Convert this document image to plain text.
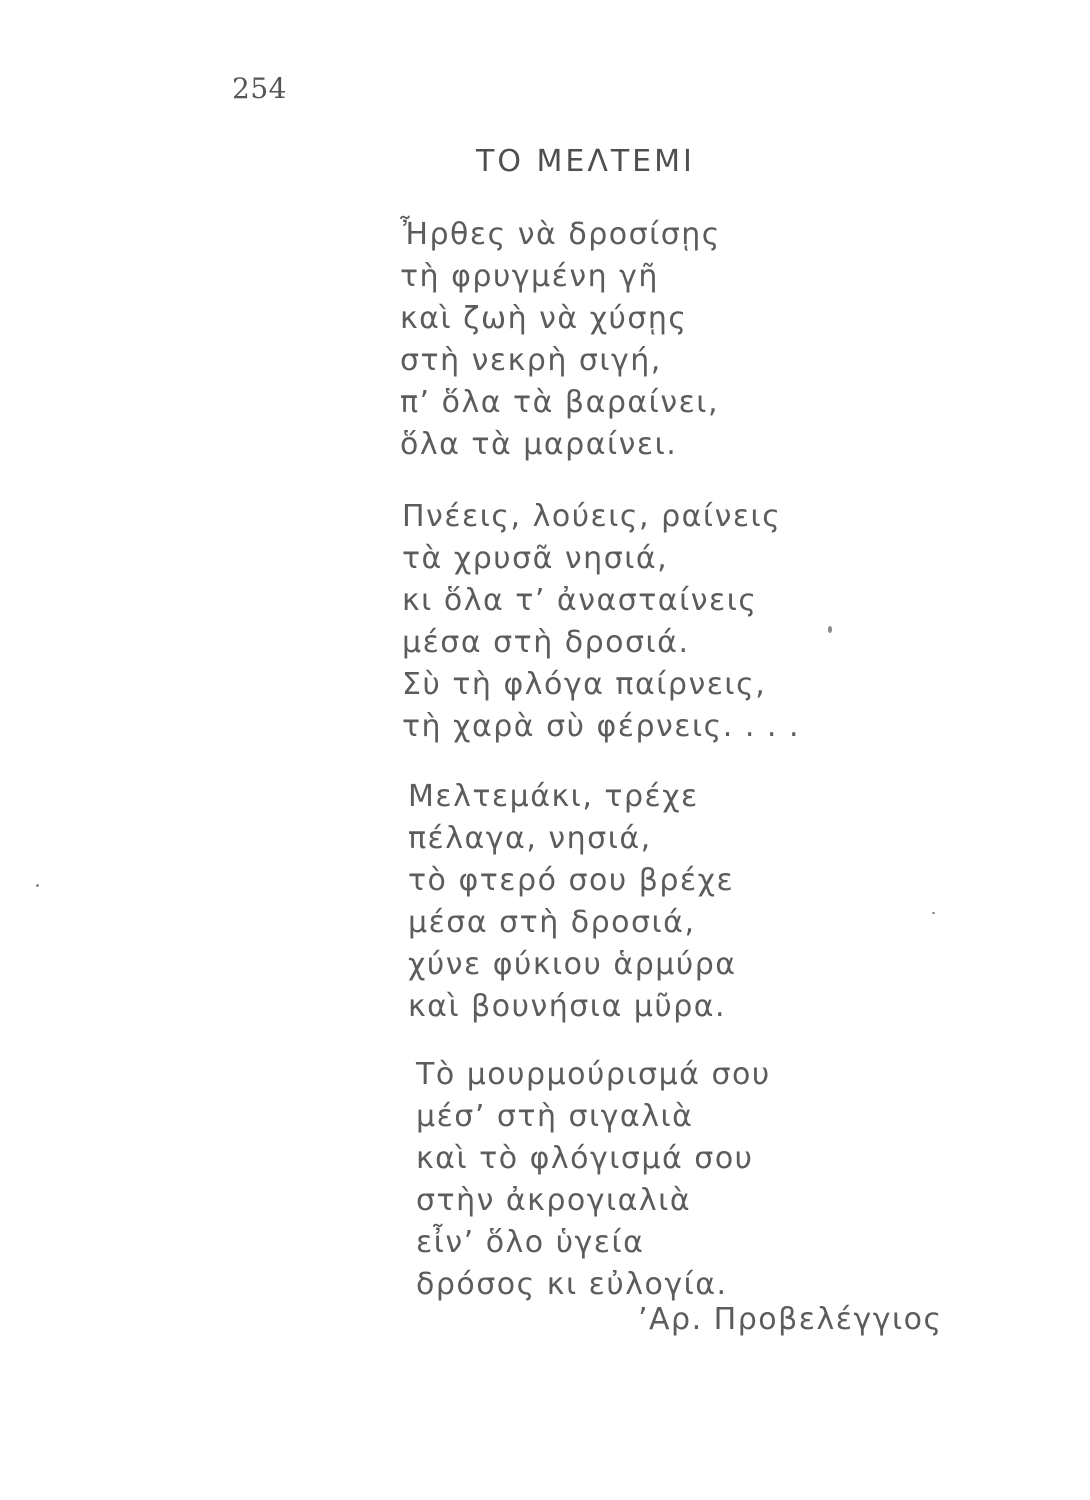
254
ΤΟ ΜΕΛΤΕΜΙ
Ἦρθες νὰ δροσίσῃς
τὴ φρυγμένη γῆ
καὶ ζωὴ νὰ χύσῃς
στὴ νεκρὴ σιγή,
π’ ὅλα τὰ βαραίνει,
ὅλα τὰ μαραίνει.
Πνέεις, λούεις, ραίνεις
τὰ χρυσᾶ νησιά,
κι ὅλα τ’ ἀνασταίνεις
μέσα στὴ δροσιά.
Σὺ τὴ φλόγα παίρνεις,
τὴ χαρὰ σὺ φέρνεις. . . .
Μελτεμάκι, τρέχε
πέλαγα, νησιά,
τὸ φτερό σου βρέχε
μέσα στὴ δροσιά,
χύνε φύκιου ἁρμύρα
καὶ βουνήσια μῦρα.
Τὸ μουρμούρισμά σου
μέσ’ στὴ σιγαλιὰ
καὶ τὸ φλόγισμά σου
στὴν ἀκρογιαλιὰ
εἶν’ ὅλο ὑγεία
δρόσος κι εὐλογία.
’Αρ. Προβελέγγιος
